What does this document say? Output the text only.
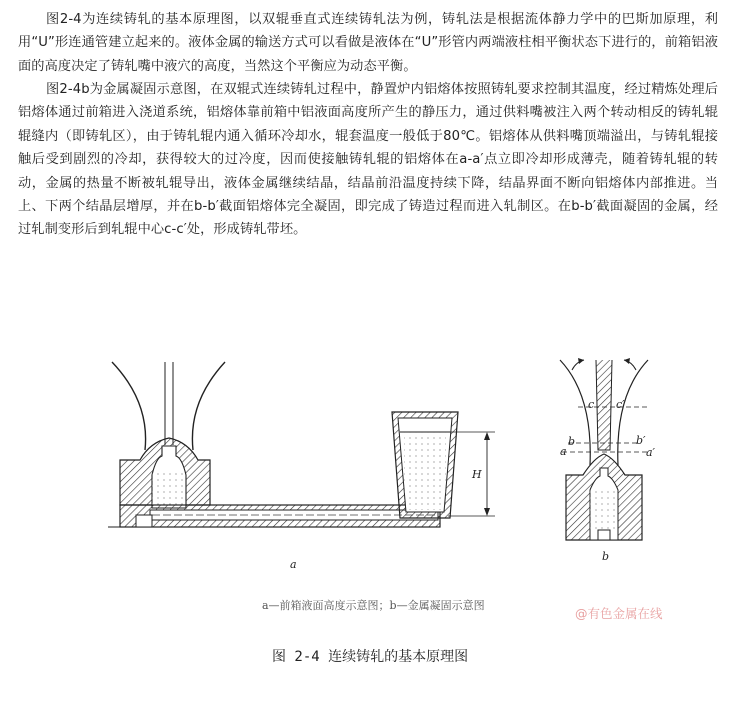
图2-4为连续铸轧的基本原理图，以双辊垂直式连续铸轧法为例，铸轧法是根据流体静力学中的巴斯加原理，利用“U”形连通管建立起来的。液体金属的输送方式可以看做是液体在“U”形管内两端液柱相平衡状态下进行的，前箱铝液面的高度决定了铸轧嘴中液穴的高度，当然这个平衡应为动态平衡。

图2-4b为金属凝固示意图，在双辊式连续铸轧过程中，静置炉内铝熔体按照铸轧要求控制其温度，经过精炼处理后铝熔体通过前箱进入浇道系统，铝熔体靠前箱中铝液面高度所产生的静压力，通过供料嘴被注入两个转动相反的铸轧辊辊缝内（即铸轧区），由于铸轧辊内通入循环冷却水，辊套温度一般低于80℃。铝熔体从供料嘴顶端溢出，与铸轧辊接触后受到剧烈的冷却，获得较大的过冷度，因而使接触铸轧辊的铝熔体在a-a′点立即冷却形成薄壳，随着铸轧辊的转动，金属的热量不断被轧辊导出，液体金属继续结晶，结晶前沿温度持续下降，结晶界面不断向铝熔体内部推进。当上、下两个结晶层增厚，并在b-b′截面铝熔体完全凝固，即完成了铸造过程而进入轧制区。在b-b′截面凝固的金属，经过轧制变形后到轧辊中心c-c′处，形成铸轧带坯。

H
a
c c′
b	b′
a	a′
b
a—前箱液面高度示意图；b—金属凝固示意图
@有色金属在线
图 2-4 连续铸轧的基本原理图
